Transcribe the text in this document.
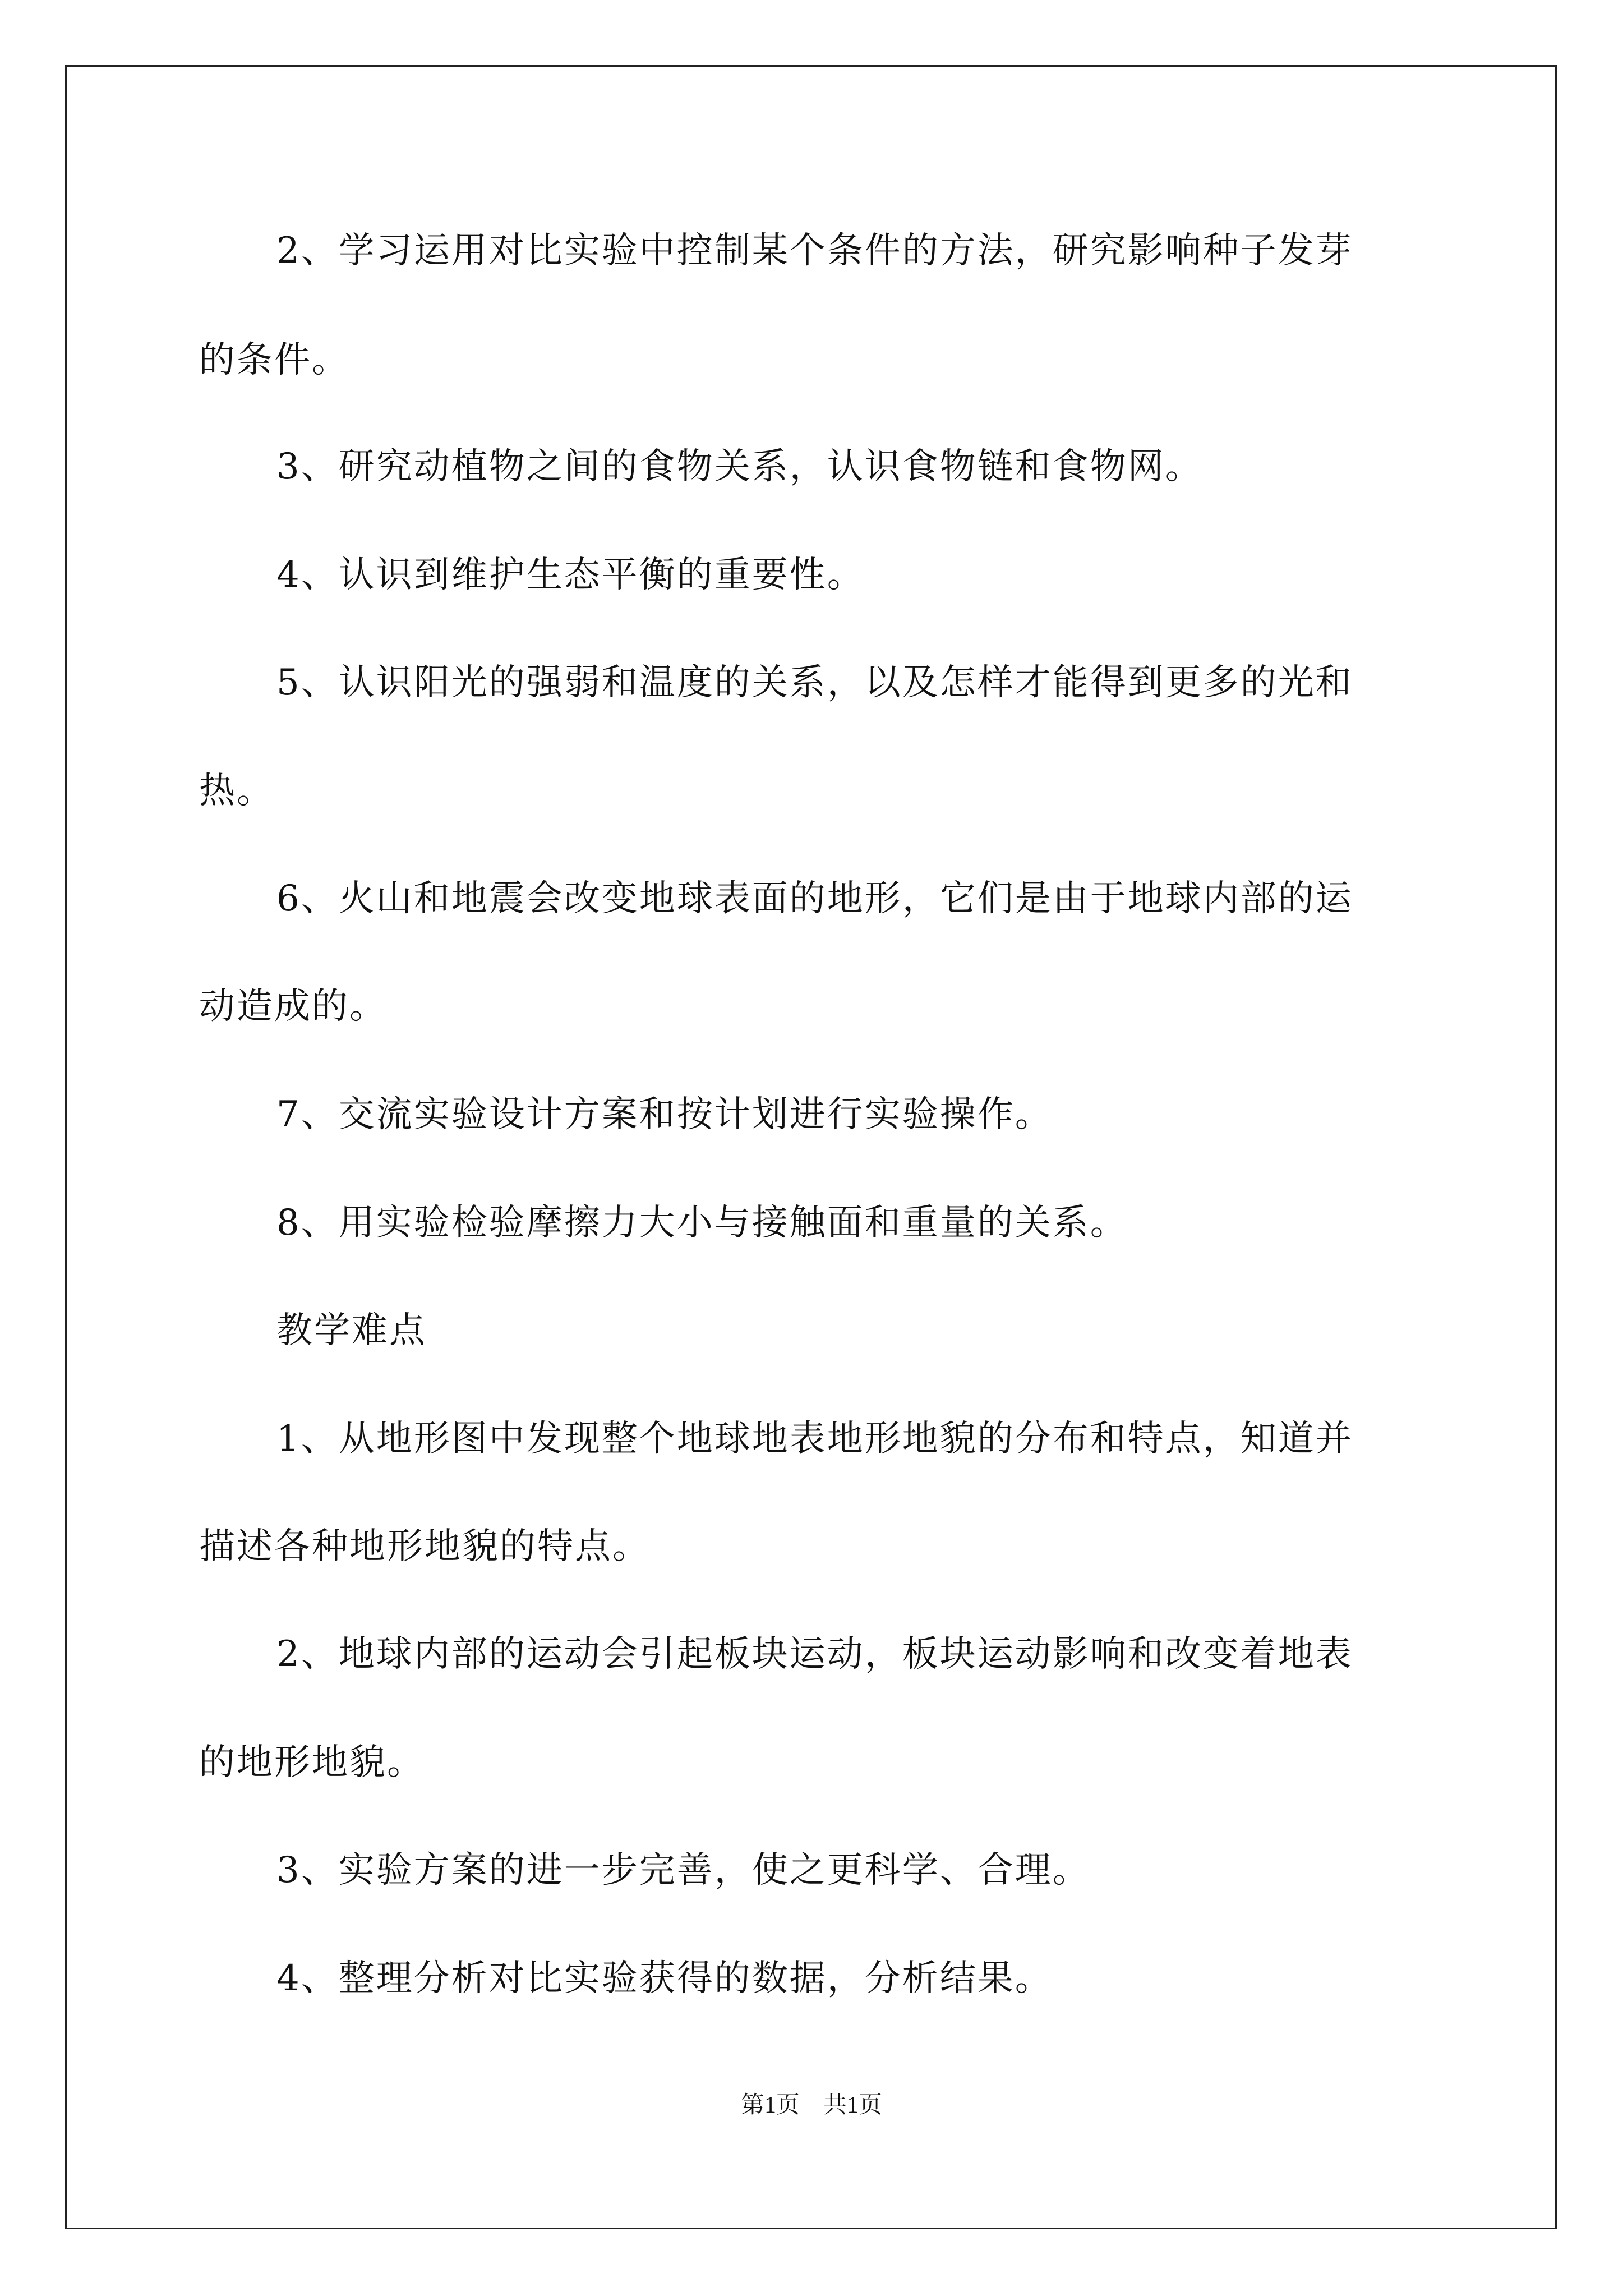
2、学习运用对比实验中控制某个条件的方法，研究影响种子发芽
的条件。
3、研究动植物之间的食物关系，认识食物链和食物网。
4、认识到维护生态平衡的重要性。
5、认识阳光的强弱和温度的关系，以及怎样才能得到更多的光和
热。
6、火山和地震会改变地球表面的地形，它们是由于地球内部的运
动造成的。
7、交流实验设计方案和按计划进行实验操作。
8、用实验检验摩擦力大小与接触面和重量的关系。
教学难点
1、从地形图中发现整个地球地表地形地貌的分布和特点，知道并
描述各种地形地貌的特点。
2、地球内部的运动会引起板块运动，板块运动影响和改变着地表
的地形地貌。
3、实验方案的进一步完善，使之更科学、合理。
4、整理分析对比实验获得的数据，分析结果。
第1页 共1页
